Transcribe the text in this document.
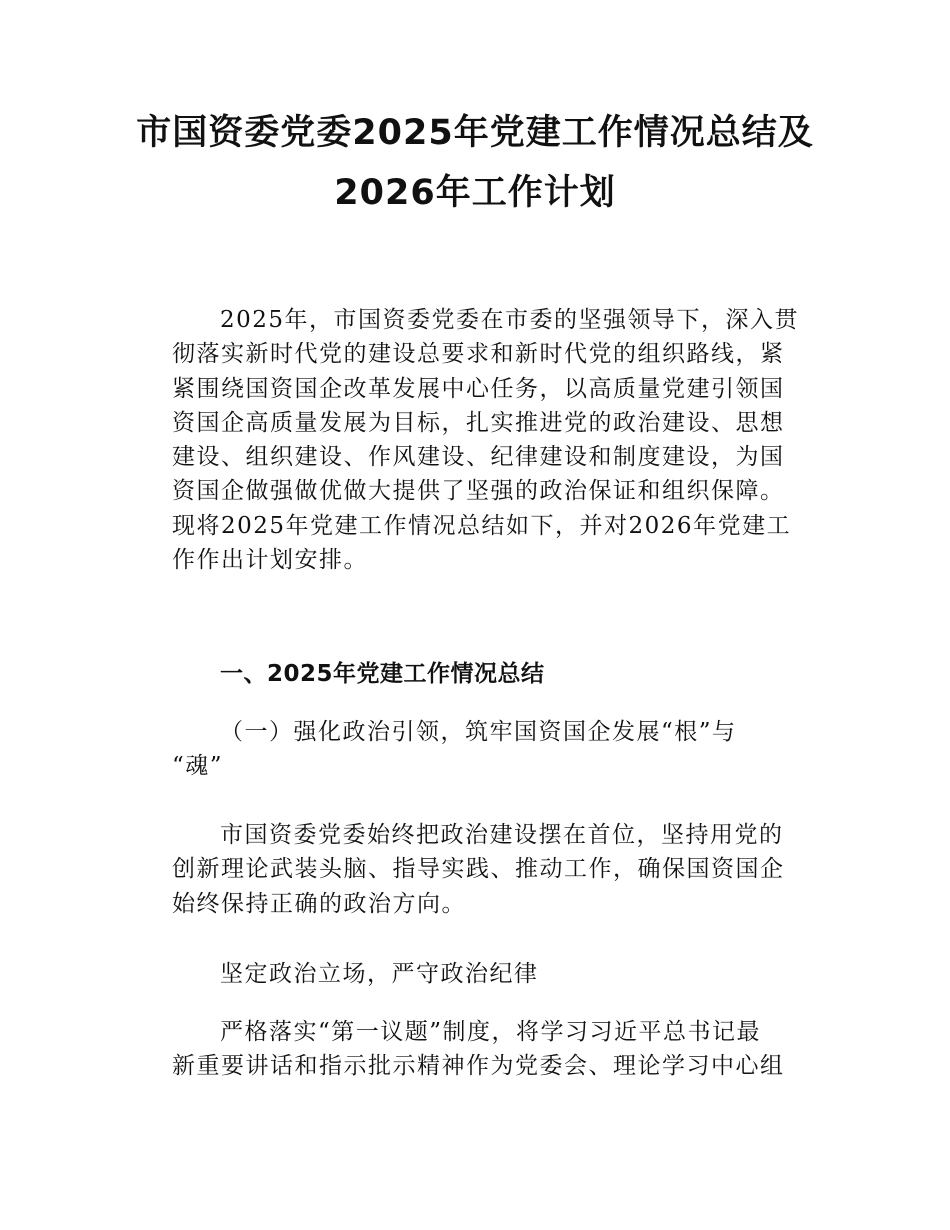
市国资委党委2025年党建工作情况总结及
2026年工作计划
2025年，市国资委党委在市委的坚强领导下，深入贯
彻落实新时代党的建设总要求和新时代党的组织路线，紧
紧围绕国资国企改革发展中心任务，以高质量党建引领国
资国企高质量发展为目标，扎实推进党的政治建设、思想
建设、组织建设、作风建设、纪律建设和制度建设，为国
资国企做强做优做大提供了坚强的政治保证和组织保障。
现将2025年党建工作情况总结如下，并对2026年党建工
作作出计划安排。
一、2025年党建工作情况总结
（一）强化政治引领，筑牢国资国企发展“根”与
“魂”
市国资委党委始终把政治建设摆在首位，坚持用党的
创新理论武装头脑、指导实践、推动工作，确保国资国企
始终保持正确的政治方向。
坚定政治立场，严守政治纪律
严格落实“第一议题”制度，将学习习近平总书记最
新重要讲话和指示批示精神作为党委会、理论学习中心组
